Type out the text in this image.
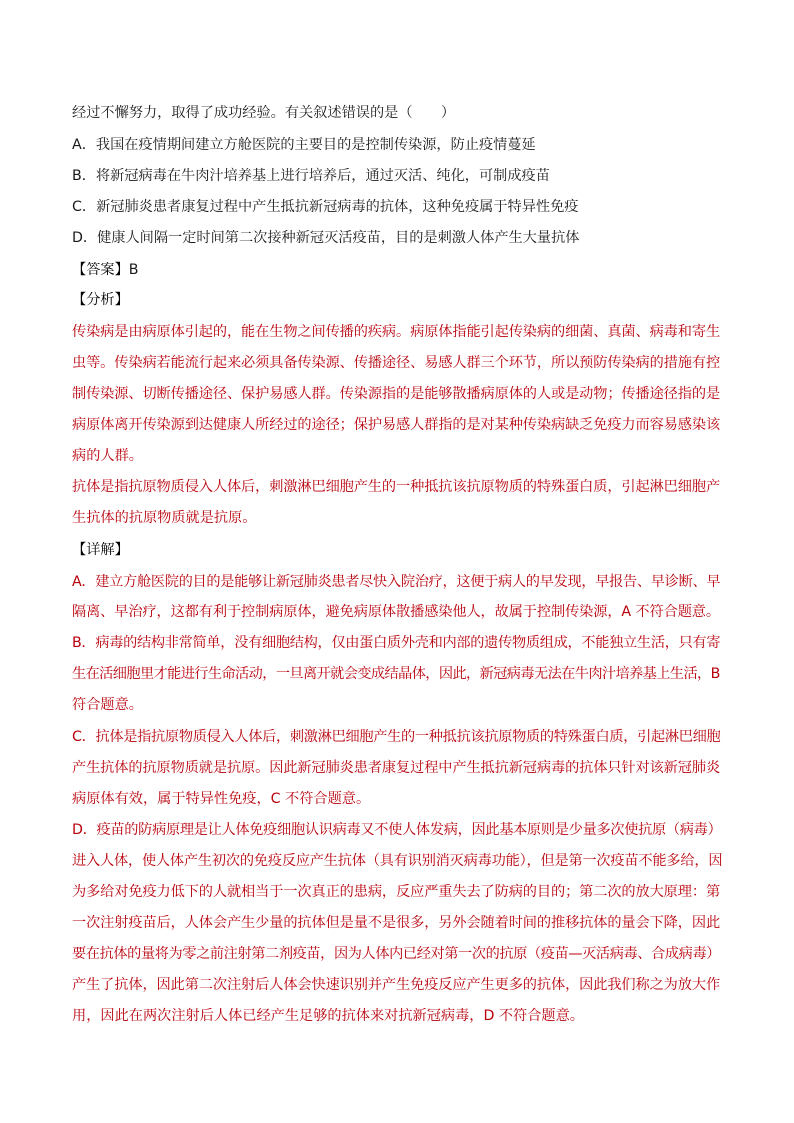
经过不懈努力，取得了成功经验。有关叙述错误的是（　　）
A．我国在疫情期间建立方舱医院的主要目的是控制传染源，防止疫情蔓延
B．将新冠病毒在牛肉汁培养基上进行培养后，通过灭活、纯化，可制成疫苗
C．新冠肺炎患者康复过程中产生抵抗新冠病毒的抗体，这种免疫属于特异性免疫
D．健康人间隔一定时间第二次接种新冠灭活疫苗，目的是刺激人体产生大量抗体
【答案】B
【分析】
传染病是由病原体引起的，能在生物之间传播的疾病。病原体指能引起传染病的细菌、真菌、病毒和寄生
虫等。传染病若能流行起来必须具备传染源、传播途径、易感人群三个环节，所以预防传染病的措施有控
制传染源、切断传播途径、保护易感人群。传染源指的是能够散播病原体的人或是动物；传播途径指的是
病原体离开传染源到达健康人所经过的途径；保护易感人群指的是对某种传染病缺乏免疫力而容易感染该
病的人群。
抗体是指抗原物质侵入人体后，刺激淋巴细胞产生的一种抵抗该抗原物质的特殊蛋白质，引起淋巴细胞产
生抗体的抗原物质就是抗原。
【详解】
A．建立方舱医院的目的是能够让新冠肺炎患者尽快入院治疗，这便于病人的早发现，早报告、早诊断、早
隔离、早治疗，这都有利于控制病原体，避免病原体散播感染他人，故属于控制传染源，A 不符合题意。
B．病毒的结构非常简单，没有细胞结构，仅由蛋白质外壳和内部的遗传物质组成，不能独立生活，只有寄
生在活细胞里才能进行生命活动，一旦离开就会变成结晶体，因此，新冠病毒无法在牛肉汁培养基上生活，B
符合题意。
C．抗体是指抗原物质侵入人体后，刺激淋巴细胞产生的一种抵抗该抗原物质的特殊蛋白质，引起淋巴细胞
产生抗体的抗原物质就是抗原。因此新冠肺炎患者康复过程中产生抵抗新冠病毒的抗体只针对该新冠肺炎
病原体有效，属于特异性免疫，C 不符合题意。
D．疫苗的防病原理是让人体免疫细胞认识病毒又不使人体发病，因此基本原则是少量多次使抗原（病毒）
进入人体，使人体产生初次的免疫反应产生抗体（具有识别消灭病毒功能），但是第一次疫苗不能多给，因
为多给对免疫力低下的人就相当于一次真正的患病，反应严重失去了防病的目的；第二次的放大原理：第
一次注射疫苗后，人体会产生少量的抗体但是量不是很多，另外会随着时间的推移抗体的量会下降，因此
要在抗体的量将为零之前注射第二剂疫苗，因为人体内已经对第一次的抗原（疫苗—灭活病毒、合成病毒）
产生了抗体，因此第二次注射后人体会快速识别并产生免疫反应产生更多的抗体，因此我们称之为放大作
用，因此在两次注射后人体已经产生足够的抗体来对抗新冠病毒，D 不符合题意。
